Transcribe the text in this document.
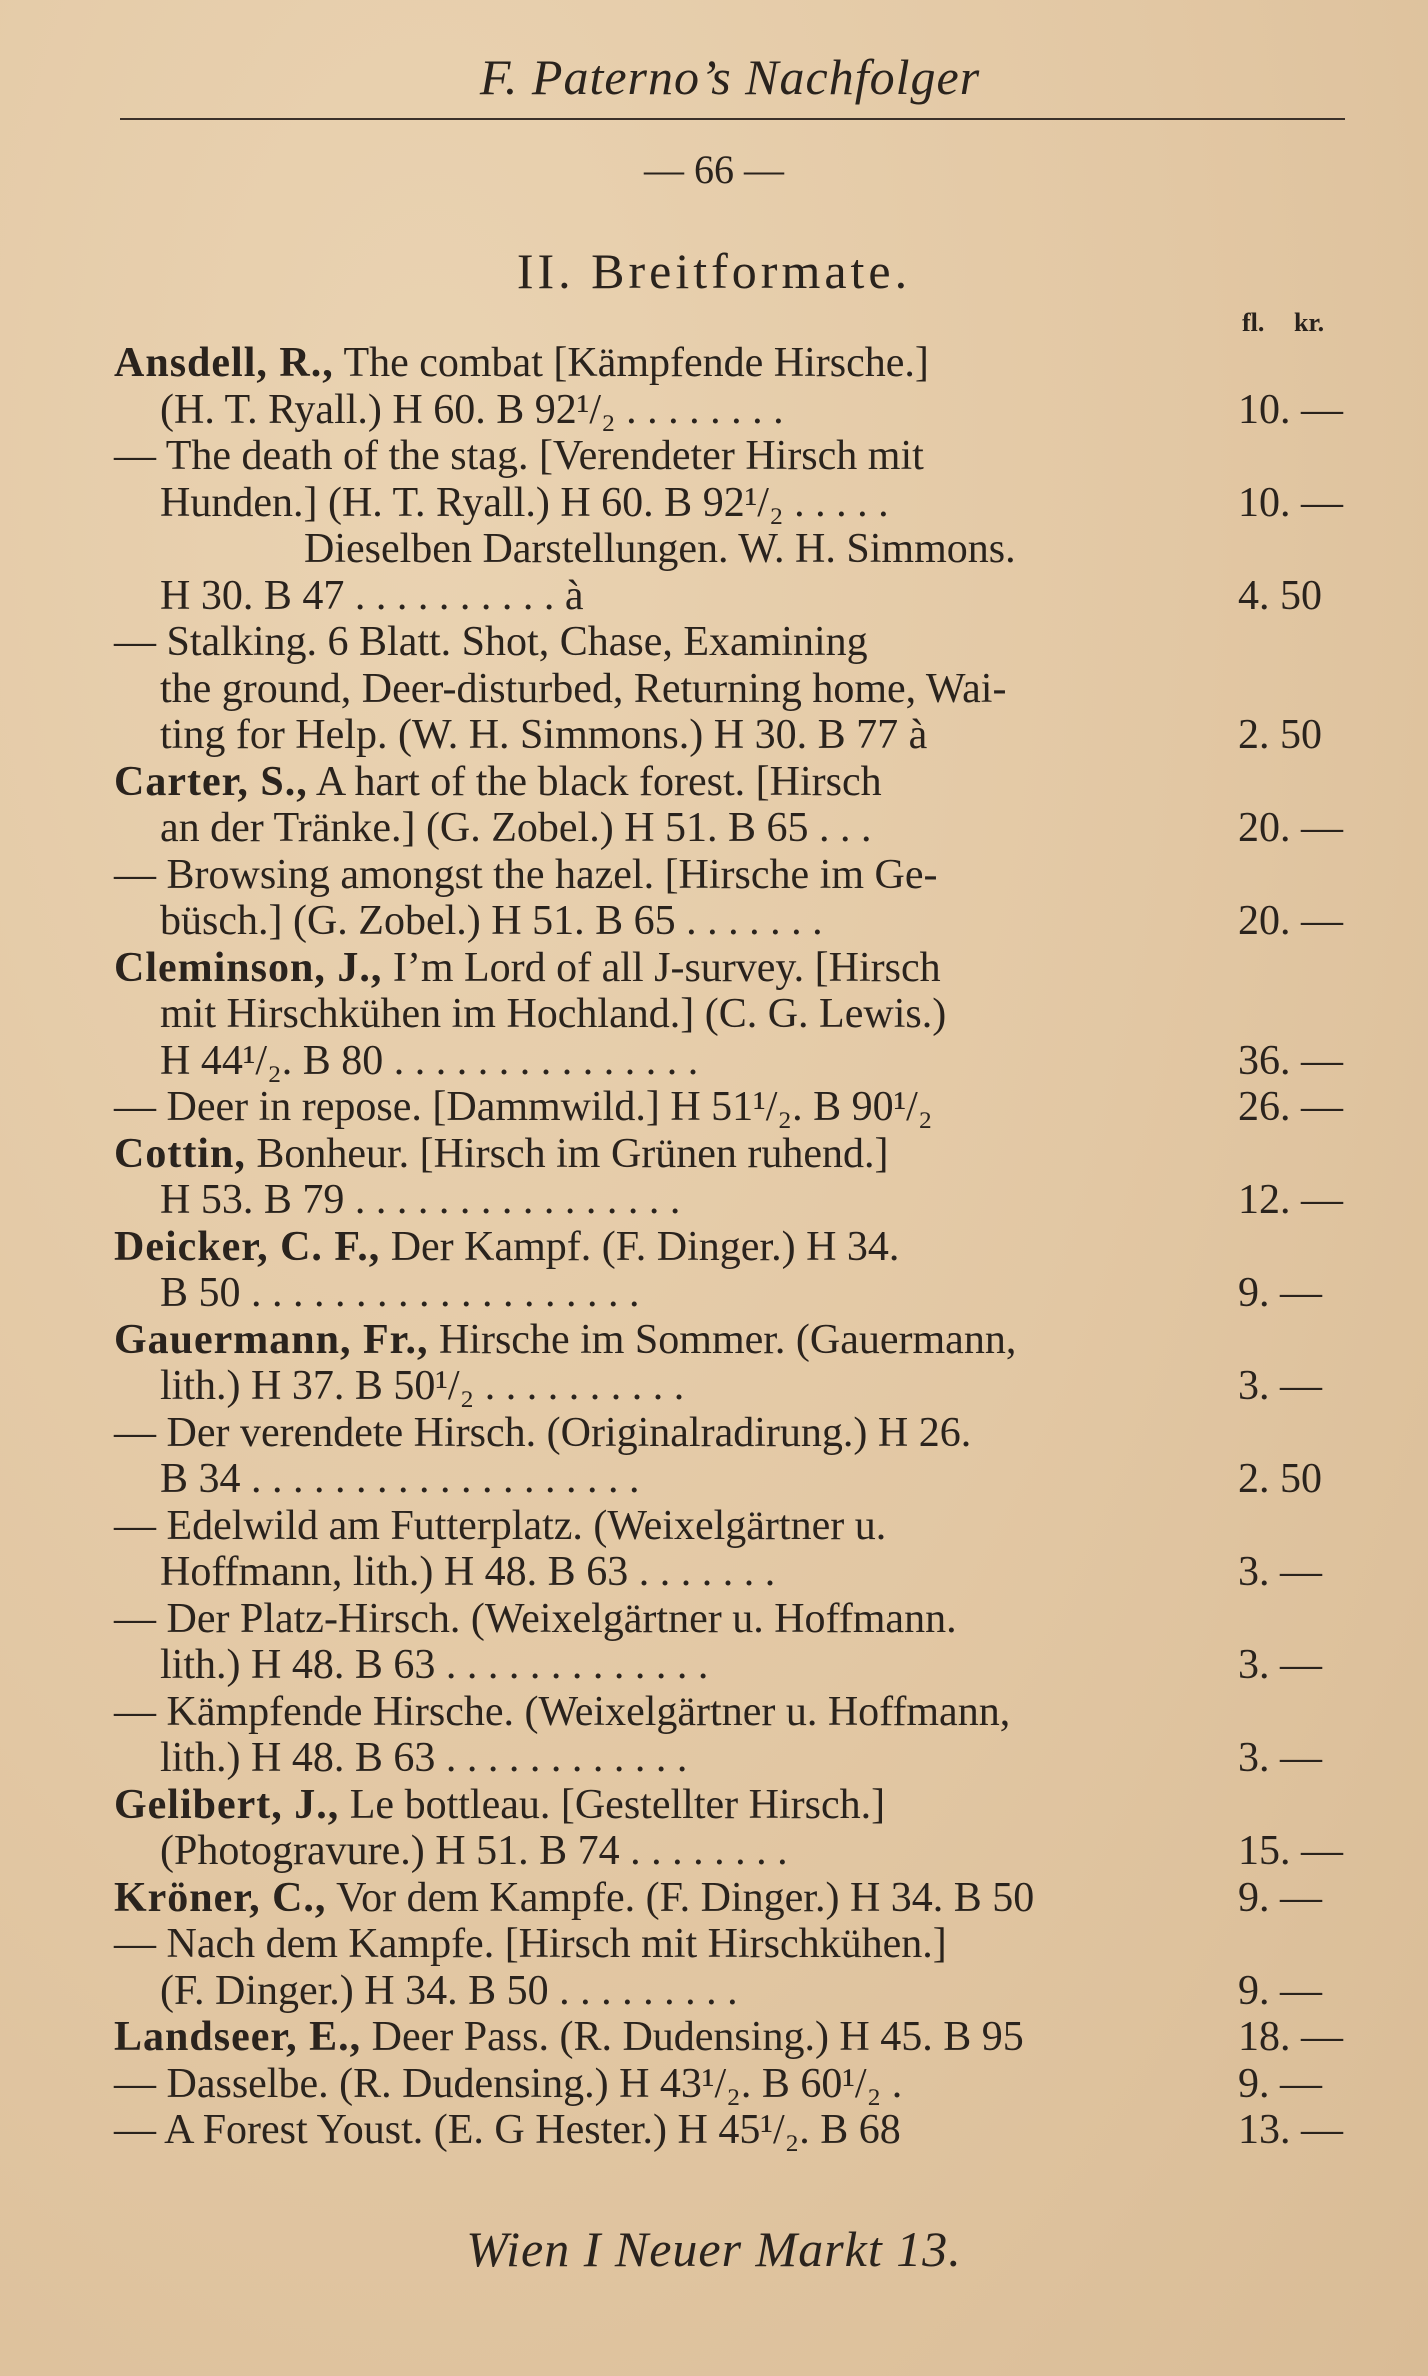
F. Paterno’s Nachfolger
— 66 —
II. Breitformate.
fl. kr.
Ansdell, R., The combat [Kämpfende Hirsche.]
(H. T. Ryall.) H 60. B 92¹/₂ . . . . . . . .	10. —
— The death of the stag. [Verendeter Hirsch mit
Hunden.] (H. T. Ryall.) H 60. B 92¹/₂ . . . . .	10. —
Dieselben Darstellungen. W. H. Simmons.
H 30. B 47 . . . . . . . . . . à	4. 50
— Stalking. 6 Blatt. Shot, Chase, Examining
the ground, Deer-disturbed, Returning home, Wai-
ting for Help. (W. H. Simmons.) H 30. B 77 à	2. 50
Carter, S., A hart of the black forest. [Hirsch
an der Tränke.] (G. Zobel.) H 51. B 65 . . .	20. —
— Browsing amongst the hazel. [Hirsche im Ge-
büsch.] (G. Zobel.) H 51. B 65 . . . . . . .	20. —
Cleminson, J., I’m Lord of all J-survey. [Hirsch
mit Hirschkühen im Hochland.] (C. G. Lewis.)
H 44¹/₂. B 80 . . . . . . . . . . . . . . .	36. —
— Deer in repose. [Dammwild.] H 51¹/₂. B 90¹/₂	26. —
Cottin, Bonheur. [Hirsch im Grünen ruhend.]
H 53. B 79 . . . . . . . . . . . . . . . .	12. —
Deicker, C. F., Der Kampf. (F. Dinger.) H 34.
B 50 . . . . . . . . . . . . . . . . . . .	9. —
Gauermann, Fr., Hirsche im Sommer. (Gauermann,
lith.) H 37. B 50¹/₂ . . . . . . . . . .	3. —
— Der verendete Hirsch. (Originalradirung.) H 26.
B 34 . . . . . . . . . . . . . . . . . . .	2. 50
— Edelwild am Futterplatz. (Weixelgärtner u.
Hoffmann, lith.) H 48. B 63 . . . . . . .	3. —
— Der Platz-Hirsch. (Weixelgärtner u. Hoffmann.
lith.) H 48. B 63 . . . . . . . . . . . . .	3. —
— Kämpfende Hirsche. (Weixelgärtner u. Hoffmann,
lith.) H 48. B 63 . . . . . . . . . . . .	3. —
Gelibert, J., Le bottleau. [Gestellter Hirsch.]
(Photogravure.) H 51. B 74 . . . . . . . .	15. —
Kröner, C., Vor dem Kampfe. (F. Dinger.) H 34. B 50	9. —
— Nach dem Kampfe. [Hirsch mit Hirschkühen.]
(F. Dinger.) H 34. B 50 . . . . . . . . .	9. —
Landseer, E., Deer Pass. (R. Dudensing.) H 45. B 95	18. —
— Dasselbe. (R. Dudensing.) H 43¹/₂. B 60¹/₂ .	9. —
— A Forest Youst. (E. G Hester.) H 45¹/₂. B 68	13. —
Wien I Neuer Markt 13.
